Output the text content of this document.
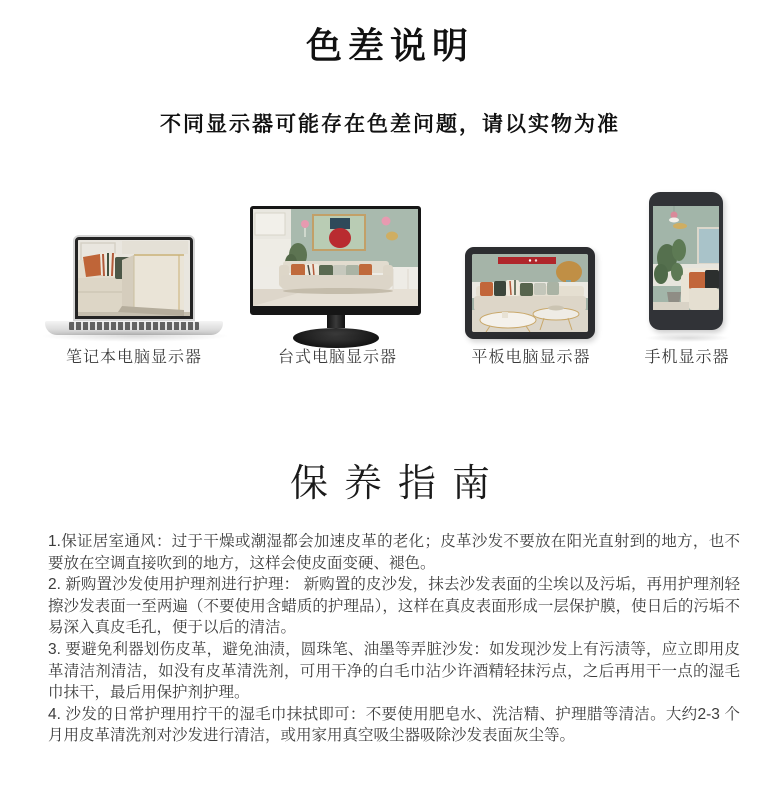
色差说明
不同显示器可能存在色差问题，请以实物为准
笔记本电脑显示器	台式电脑显示器	平板电脑显示器	手机显示器
保养指南

1.保证居室通风：过于干燥或潮湿都会加速皮革的老化；皮革沙发不要放在阳光直射到的地方，也不要放在空调直接吹到的地方，这样会使皮面变硬、褪色。

2. 新购置沙发使用护理剂进行护理： 新购置的皮沙发，抹去沙发表面的尘埃以及污垢，再用护理剂轻擦沙发表面一至两遍（不要使用含蜡质的护理品），这样在真皮表面形成一层保护膜，使日后的污垢不易深入真皮毛孔，便于以后的清洁。

3. 要避免利器划伤皮革，避免油渍，圆珠笔、油墨等弄脏沙发：如发现沙发上有污渍等，应立即用皮革清洁剂清洁，如没有皮革清洗剂，可用干净的白毛巾沾少许酒精轻抹污点，之后再用干一点的湿毛巾抹干，最后用保护剂护理。

4. 沙发的日常护理用拧干的湿毛巾抹拭即可：不要使用肥皂水、洗洁精、护理腊等清洁。大约2-3 个月用皮革清洗剂对沙发进行清洁，或用家用真空吸尘器吸除沙发表面灰尘等。
